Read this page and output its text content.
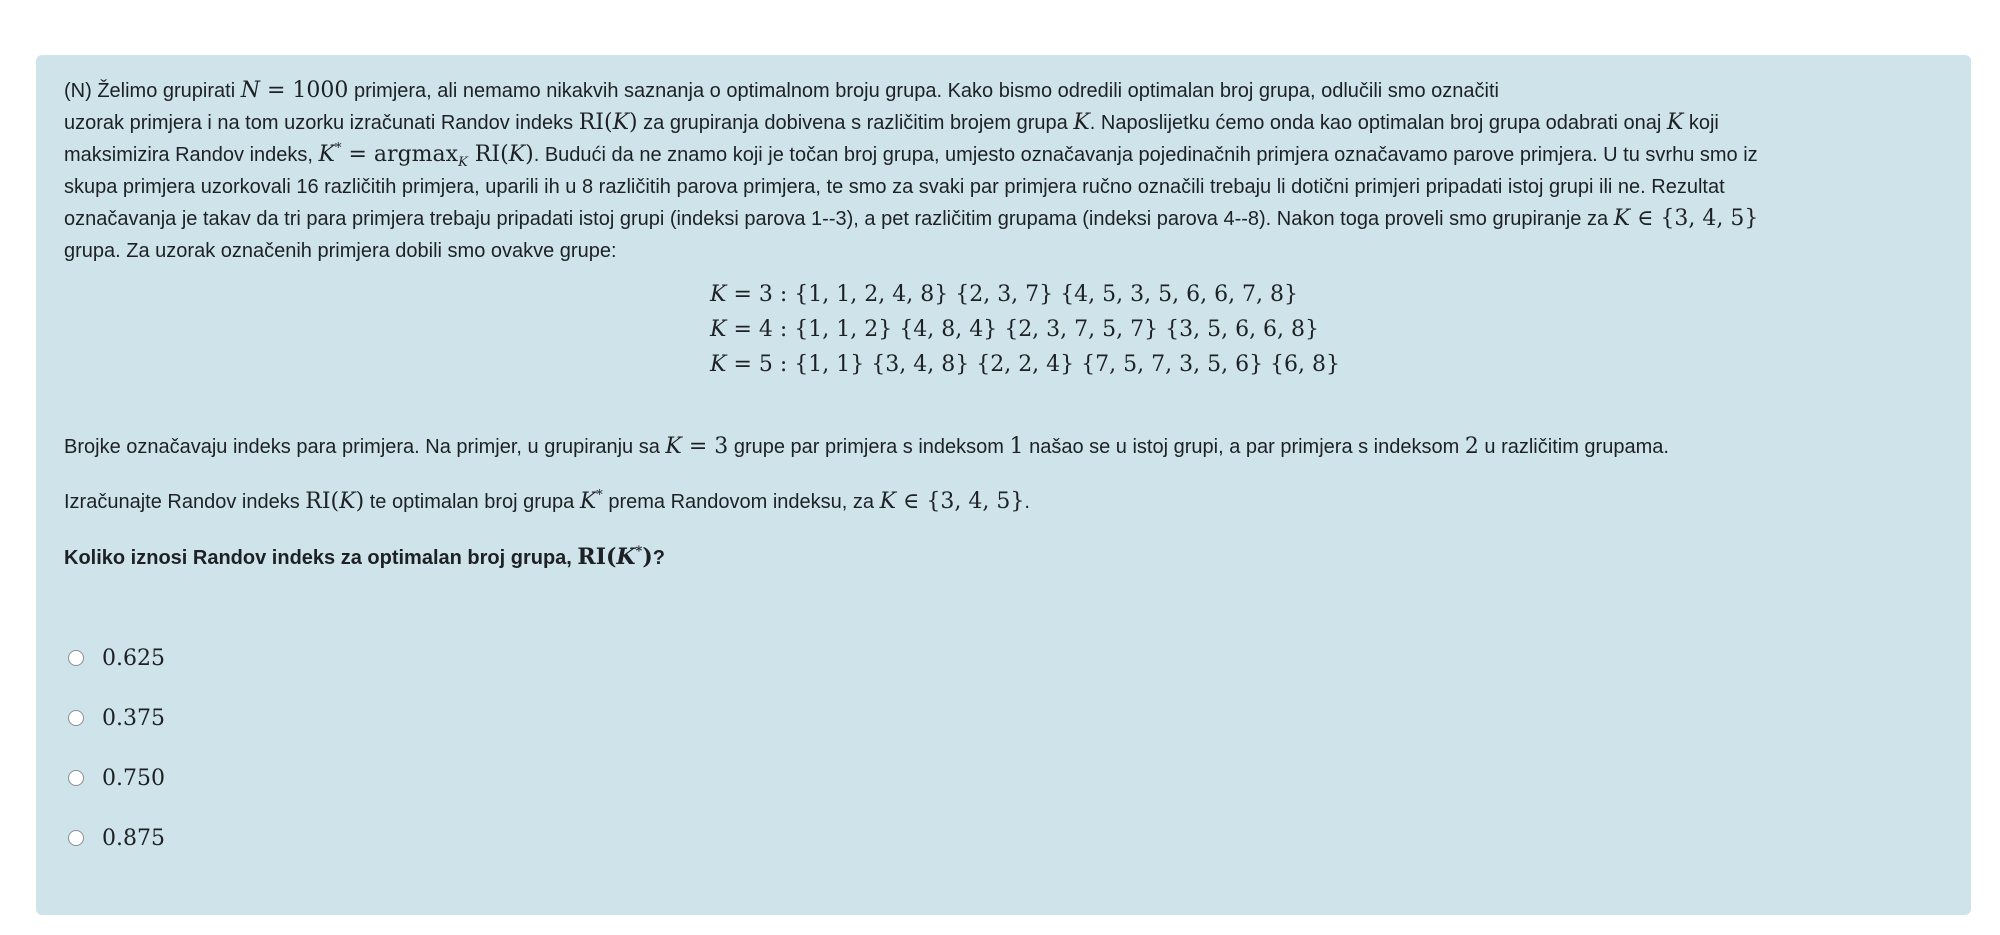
(N) Želimo grupirati N = 1000 primjera, ali nemamo nikakvih saznanja o optimalnom broju grupa. Kako bismo odredili optimalan broj grupa, odlučili smo označiti
uzorak primjera i na tom uzorku izračunati Randov indeks RI(K) za grupiranja dobivena s različitim brojem grupa K. Naposlijetku ćemo onda kao optimalan broj grupa odabrati onaj K koji
maksimizira Randov indeks, K* = argmax$_K$ RI(K). Budući da ne znamo koji je točan broj grupa, umjesto označavanja pojedinačnih primjera označavamo parove primjera. U tu svrhu smo iz
skupa primjera uzorkovali 16 različitih primjera, uparili ih u 8 različitih parova primjera, te smo za svaki par primjera ručno označili trebaju li dotični primjeri pripadati istoj grupi ili ne. Rezultat
označavanja je takav da tri para primjera trebaju pripadati istoj grupi (indeksi parova 1--3), a pet različitim grupama (indeksi parova 4--8). Nakon toga proveli smo grupiranje za K ∈ {3, 4, 5}
grupa. Za uzorak označenih primjera dobili smo ovakve grupe:
K = 3 : {1, 1, 2, 4, 8} {2, 3, 7} {4, 5, 3, 5, 6, 6, 7, 8}
K = 4 : {1, 1, 2} {4, 8, 4} {2, 3, 7, 5, 7} {3, 5, 6, 6, 8}
K = 5 : {1, 1} {3, 4, 8} {2, 2, 4} {7, 5, 7, 3, 5, 6} {6, 8}
Brojke označavaju indeks para primjera. Na primjer, u grupiranju sa K = 3 grupe par primjera s indeksom 1 našao se u istoj grupi, a par primjera s indeksom 2 u različitim grupama.
Izračunajte Randov indeks RI(K) te optimalan broj grupa K* prema Randovom indeksu, za K ∈ {3, 4, 5}.
Koliko iznosi Randov indeks za optimalan broj grupa, RI(K*)?
0.625
0.375
0.750
0.875
